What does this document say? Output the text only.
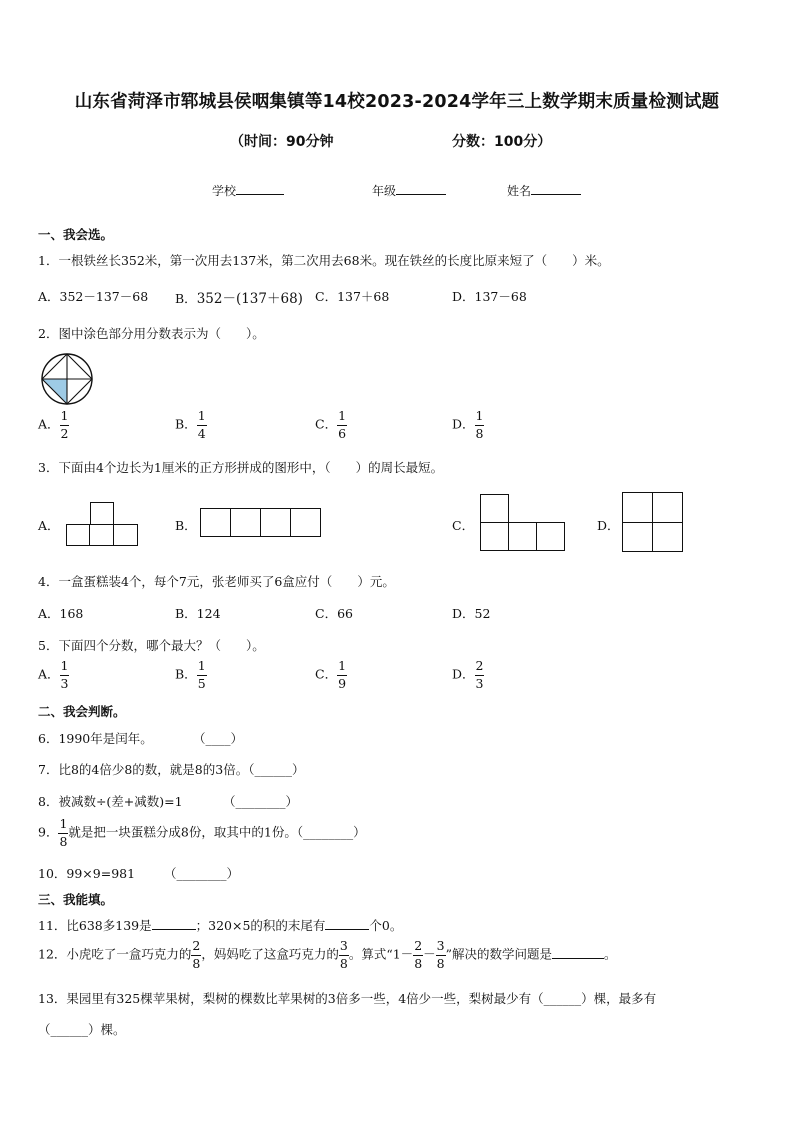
山东省菏泽市郓城县侯咽集镇等14校2023-2024学年三上数学期末质量检测试题
（时间：90分钟	分数：100分）
学校	年级	姓名
一、我会选。
1．一根铁丝长352米，第一次用去137米，第二次用去68米。现在铁丝的长度比原来短了（　　）米。
A．352－137－68 B．352－(137＋68) C．137＋68	D．137－68
2．图中涂色部分用分数表示为（　　）。
A． $\frac{1}{2}$	B． $\frac{1}{4}$	C． $\frac{1}{6}$	D． $\frac{1}{8}$
3．下面由4个边长为1厘米的正方形拼成的图形中，（　　）的周长最短。
A．	B．	C．	D．
4．一盒蛋糕装4个，每个7元，张老师买了6盒应付（　　）元。
A．168	B．124	C．66	D．52
5．下面四个分数，哪个最大？（　　）。
A． $\frac{1}{3}$	B． $\frac{1}{5}$	C． $\frac{1}{9}$	D． $\frac{2}{3}$
二、我会判断。
6．1990年是闰年。	（____）
7．比8的4倍少8的数，就是8的3倍。（______）
8．被减数÷(差+减数)=1	（________）
9． $\frac{1}{8}$ 就是把一块蛋糕分成8份，取其中的1份。（________）
10．99×9=981 （________）
三、我能填。
11．比638多139是	；320×5的积的末尾有	个0。
12．小虎吃了一盒巧克力的 $\frac{2}{8}$ ，妈妈吃了这盒巧克力的 $\frac{3}{8}$ 。算式“$1- \frac{2}{8} - \frac{3}{8}$ ”解决的数学问题是	。
13．果园里有325棵苹果树，梨树的棵数比苹果树的3倍多一些，4倍少一些，梨树最少有（______）棵，最多有
（______）棵。
